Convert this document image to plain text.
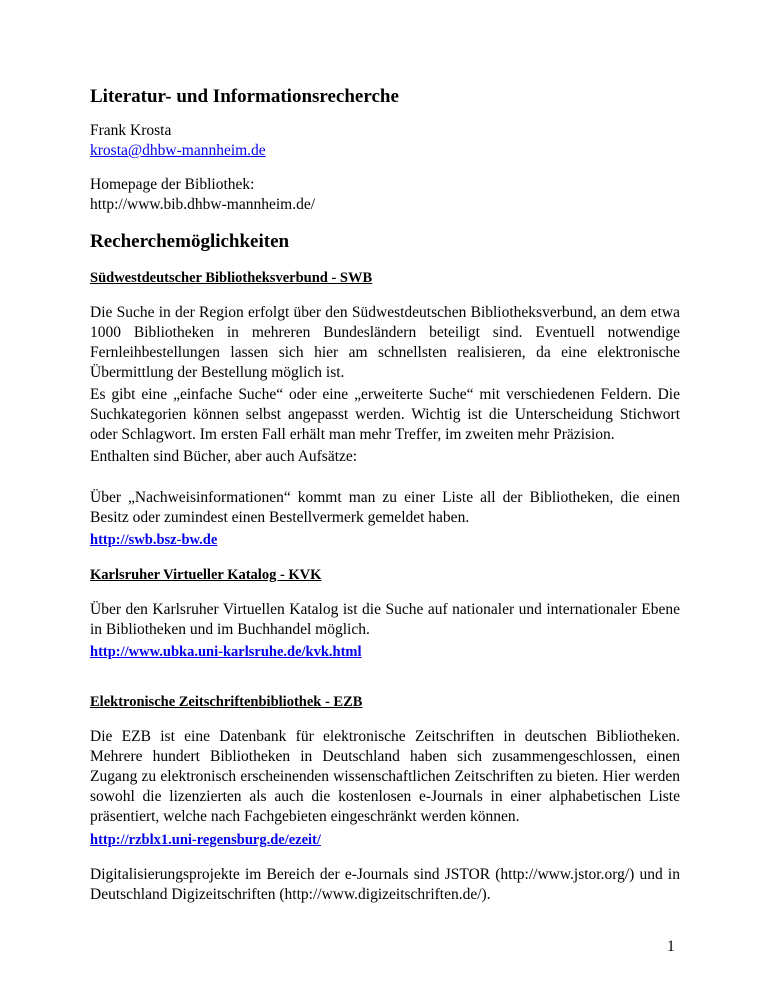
Literatur- und Informationsrecherche
Frank Krosta
krosta@dhbw-mannheim.de
Homepage der Bibliothek:
http://www.bib.dhbw-mannheim.de/
Recherchemöglichkeiten
Südwestdeutscher Bibliotheksverbund - SWB
Die Suche in der Region erfolgt über den Südwestdeutschen Bibliotheksverbund, an dem etwa 1000 Bibliotheken in mehreren Bundesländern beteiligt sind. Eventuell notwendige Fernleihbestellungen lassen sich hier am schnellsten realisieren, da eine elektronische Übermittlung der Bestellung möglich ist.
Es gibt eine „einfache Suche“ oder eine „erweiterte Suche“ mit verschiedenen Feldern. Die Suchkategorien können selbst angepasst werden. Wichtig ist die Unterscheidung Stichwort oder Schlagwort. Im ersten Fall erhält man mehr Treffer, im zweiten mehr Präzision.
Enthalten sind Bücher, aber auch Aufsätze:
Über „Nachweisinformationen“ kommt man zu einer Liste all der Bibliotheken, die einen Besitz oder zumindest einen Bestellvermerk gemeldet haben.
http://swb.bsz-bw.de
Karlsruher Virtueller Katalog - KVK
Über den Karlsruher Virtuellen Katalog ist die Suche auf nationaler und internationaler Ebene in Bibliotheken und im Buchhandel möglich.
http://www.ubka.uni-karlsruhe.de/kvk.html
Elektronische Zeitschriftenbibliothek - EZB
Die EZB ist eine Datenbank für elektronische Zeitschriften in deutschen Bibliotheken. Mehrere hundert Bibliotheken in Deutschland haben sich zusammengeschlossen, einen Zugang zu elektronisch erscheinenden wissenschaftlichen Zeitschriften zu bieten. Hier werden sowohl die lizenzierten als auch die kostenlosen e-Journals in einer alphabetischen Liste präsentiert, welche nach Fachgebieten eingeschränkt werden können.
http://rzblx1.uni-regensburg.de/ezeit/
Digitalisierungsprojekte im Bereich der e-Journals sind JSTOR (http://www.jstor.org/) und in Deutschland Digizeitschriften (http://www.digizeitschriften.de/).
1
